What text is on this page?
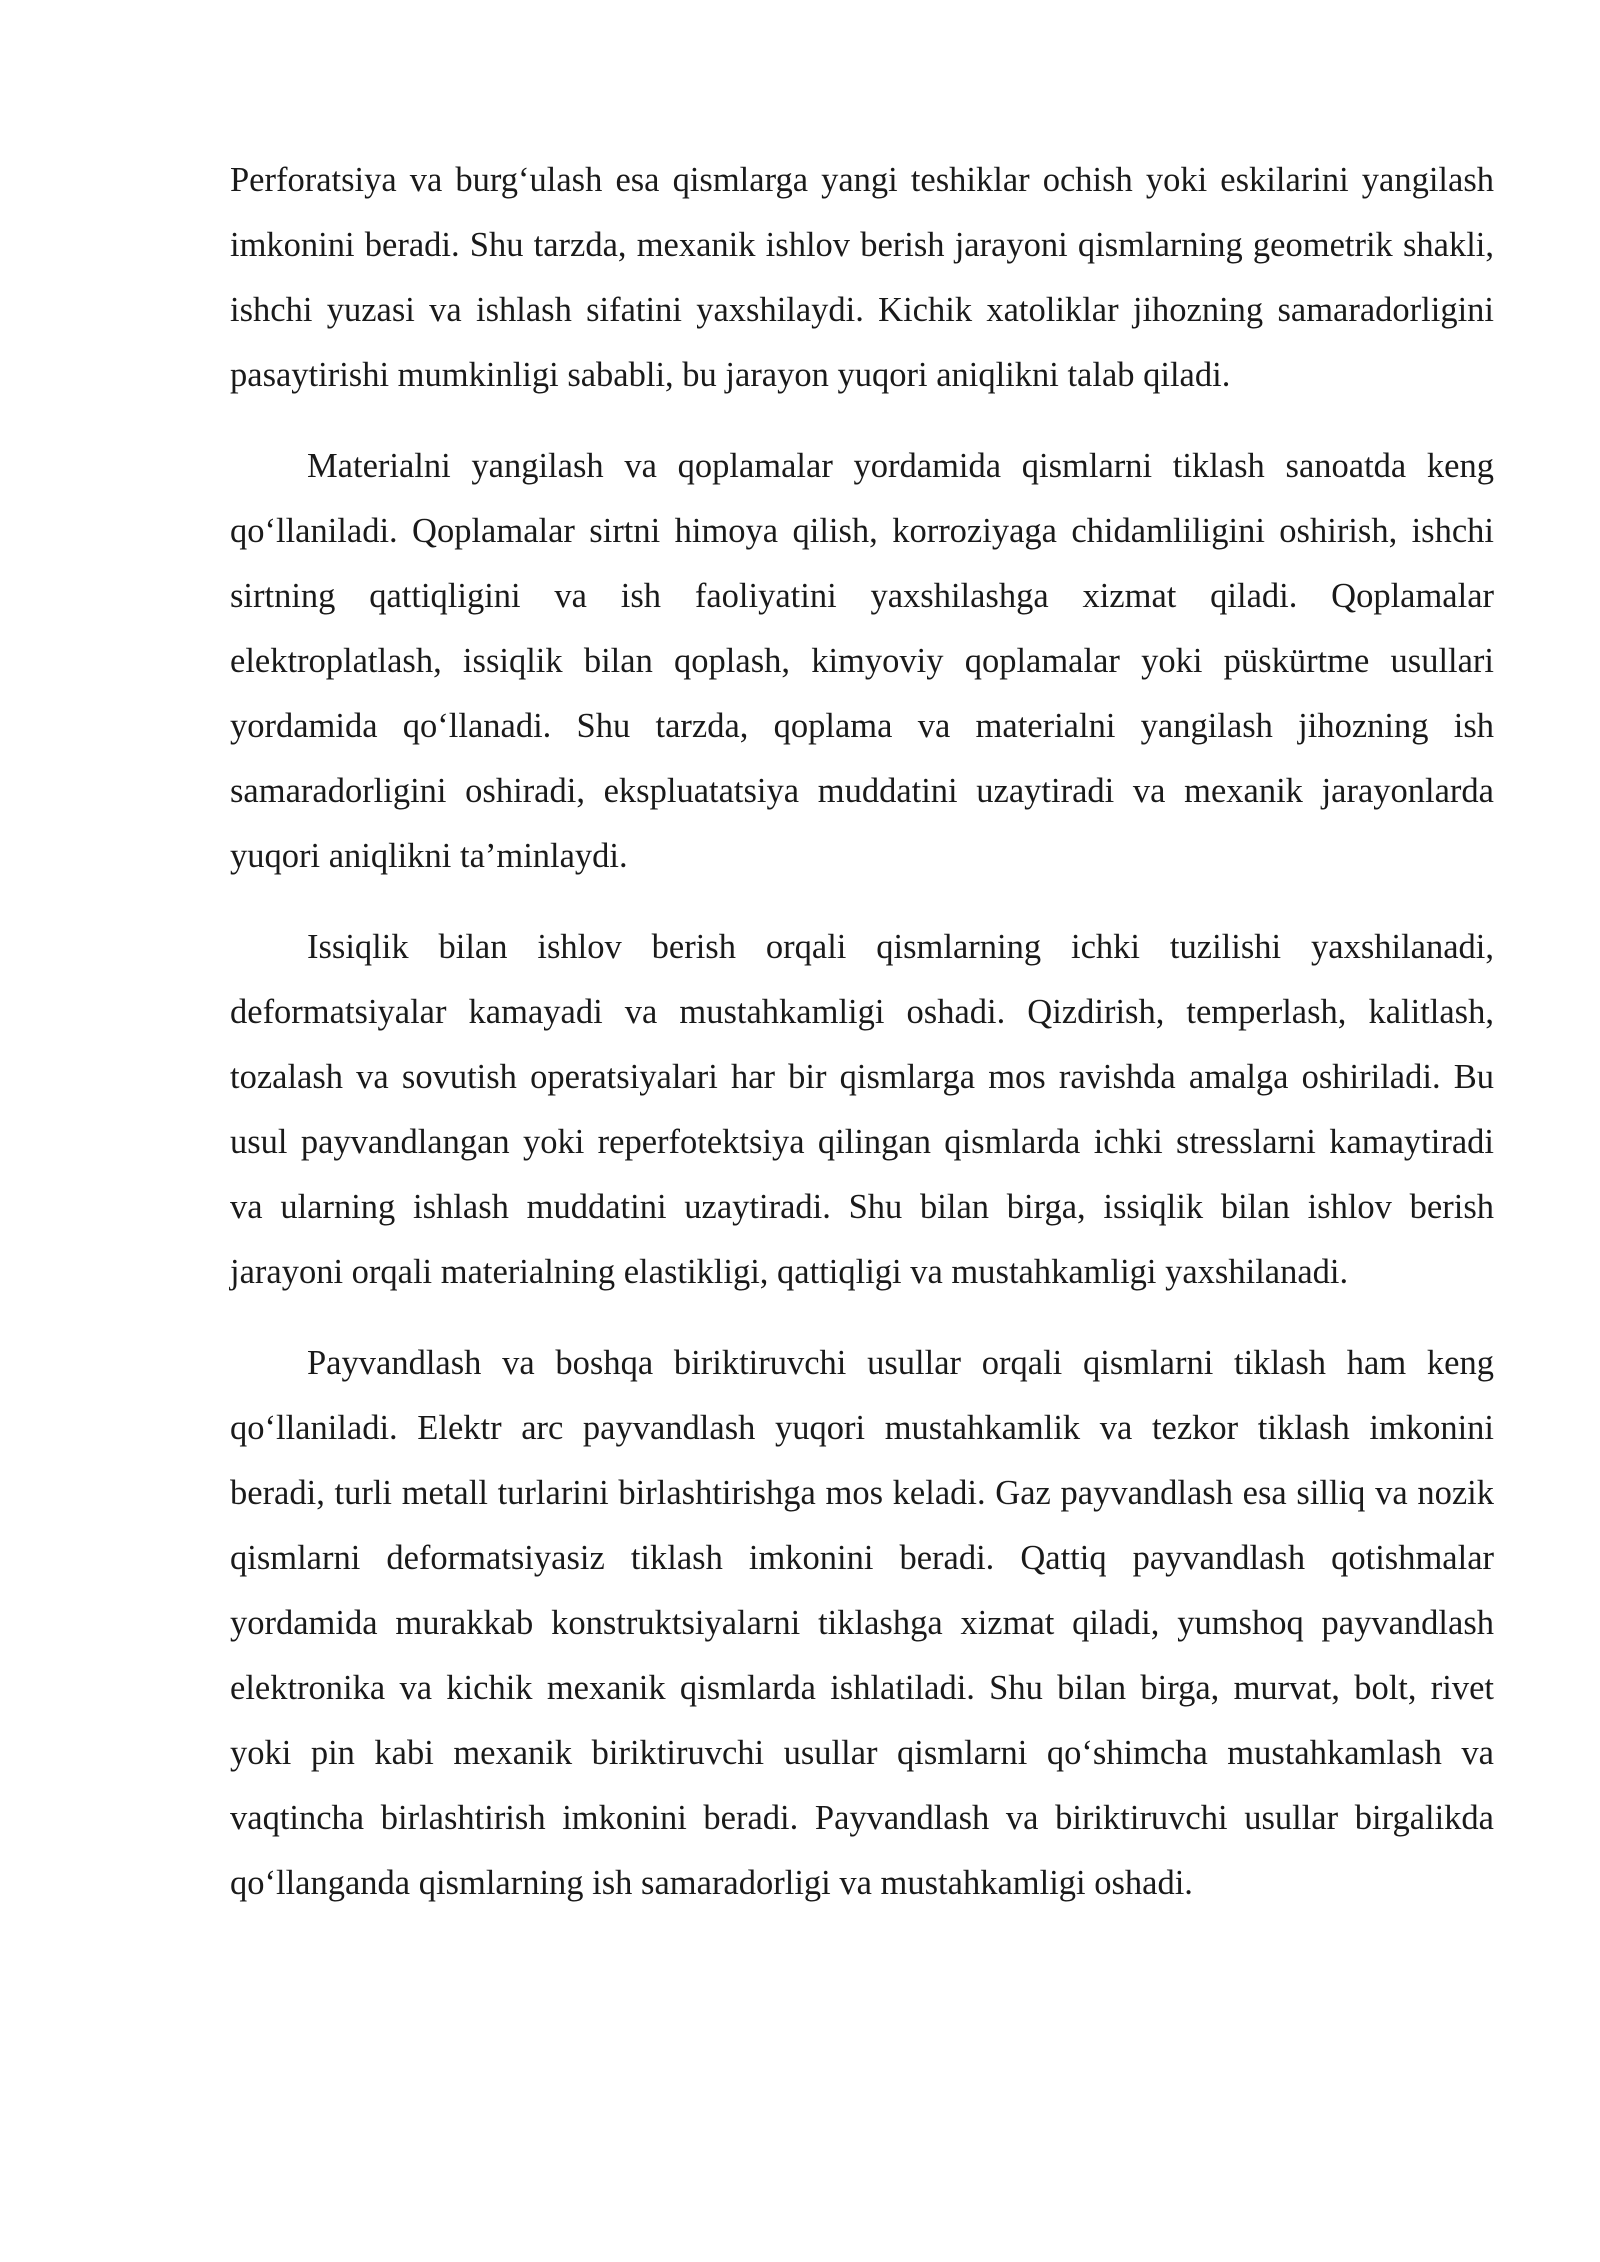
Perforatsiya va burg‘ulash esa qismlarga yangi teshiklar ochish yoki eskilarini yangilash imkonini beradi. Shu tarzda, mexanik ishlov berish jarayoni qismlarning geometrik shakli, ishchi yuzasi va ishlash sifatini yaxshilaydi. Kichik xatoliklar jihozning samaradorligini pasaytirishi mumkinligi sababli, bu jarayon yuqori aniqlikni talab qiladi.

Materialni yangilash va qoplamalar yordamida qismlarni tiklash sanoatda keng qo‘llaniladi. Qoplamalar sirtni himoya qilish, korroziyaga chidamliligini oshirish, ishchi sirtning qattiqligini va ish faoliyatini yaxshilashga xizmat qiladi. Qoplamalar elektroplatlash, issiqlik bilan qoplash, kimyoviy qoplamalar yoki püskürtme usullari yordamida qo‘llanadi. Shu tarzda, qoplama va materialni yangilash jihozning ish samaradorligini oshiradi, ekspluatatsiya muddatini uzaytiradi va mexanik jarayonlarda yuqori aniqlikni ta’minlaydi.

Issiqlik bilan ishlov berish orqali qismlarning ichki tuzilishi yaxshilanadi, deformatsiyalar kamayadi va mustahkamligi oshadi. Qizdirish, temperlash, kalitlash, tozalash va sovutish operatsiyalari har bir qismlarga mos ravishda amalga oshiriladi. Bu usul payvandlangan yoki reperfotektsiya qilingan qismlarda ichki stresslarni kamaytiradi va ularning ishlash muddatini uzaytiradi. Shu bilan birga, issiqlik bilan ishlov berish jarayoni orqali materialning elastikligi, qattiqligi va mustahkamligi yaxshilanadi.

Payvandlash va boshqa biriktiruvchi usullar orqali qismlarni tiklash ham keng qo‘llaniladi. Elektr arc payvandlash yuqori mustahkamlik va tezkor tiklash imkonini beradi, turli metall turlarini birlashtirishga mos keladi. Gaz payvandlash esa silliq va nozik qismlarni deformatsiyasiz tiklash imkonini beradi. Qattiq payvandlash qotishmalar yordamida murakkab konstruktsiyalarni tiklashga xizmat qiladi, yumshoq payvandlash elektronika va kichik mexanik qismlarda ishlatiladi. Shu bilan birga, murvat, bolt, rivet yoki pin kabi mexanik biriktiruvchi usullar qismlarni qo‘shimcha mustahkamlash va vaqtincha birlashtirish imkonini beradi. Payvandlash va biriktiruvchi usullar birgalikda qo‘llanganda qismlarning ish samaradorligi va mustahkamligi oshadi.
